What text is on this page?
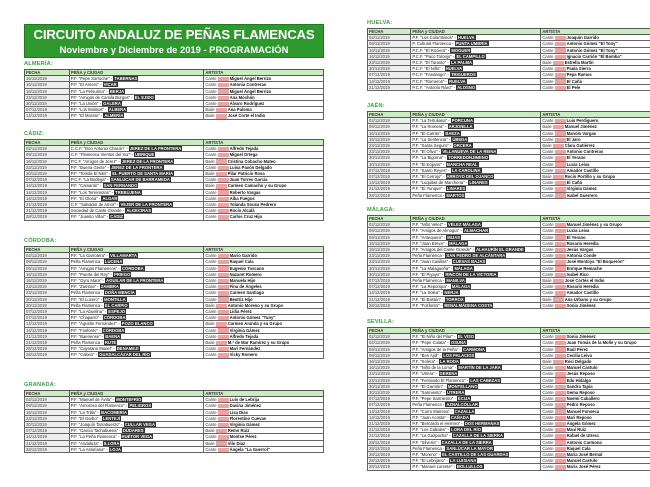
CIRCUITO ANDALUZ DE PEÑAS FLAMENCAS
Noviembre y Diciembre de 2019 - PROGRAMACIÓN
ALMERÍA:
FECHA	PEÑA y CIUDAD	ARTISTA
16/11/2019	P.F. "Pepe Sorroche" - TABERNAS	Cante Miguel Ángel Berrizo
16/11/2019	P.F. "El Arriero" - VÍCAR	Cante Antonia Contreras
16/11/2019	P.F. "La Pelourina" - BERJA	Cante Miguel Ángel Berrizo
23/11/2019	P.F. "Amigos de Camila Burgos" - EL EJIDO	Cante Ana Mochón
30/11/2019	P.F. "La Unión" - GALERA	Cante Álvaro Rodríguez
07/12/2019	P.F. "Los Molinos" - ALBERA	Baile Ana Paloma
14/12/2019	P.F. "El Morato" - ALMERÍA	Baile José Corte el Indio
CÁDIZ:
FECHA	PEÑA y CIUDAD	ARTISTA
02/11/2019	C.C.F. "Don Antonio Chacón" - JEREZ DE LA FRONTERA	Cante Alfredo Tejada
09/11/2019	C.F. "Flamenca Vientos del Sur" - UBRIQUE	Cante Miguel Ortega
16/11/2019	P.C.F. "Amigos de Jerez" - JEREZ DE LA FRONTERA	Baile Cristina Cobacho Mateo
23/11/2019	P.F. "Buena Gente" - JEREZ DE LA FRONTERA	Cante Luisa Pavón Delgado
30/11/2019	P.F. "Tomás El Nitri" - EL PUERTO DE SANTA MARÍA	Baile Pilar Patricio Rosa
07/12/2019	P.C.F. "La Bodega" - SANLÚCAR DE BARRAMEDA	Cante Juan Torres García
14/12/2019	P.F. "Camarón" - SAN FERNANDO	Baile Carmen Camacho y su Grupo
14/12/2019	P.F. "Los Terremotos" - TREBUJENA	Cante Roberto Vargas
14/12/2019	P.F. "El Gloria" - ALGAR	Cante Alba Fuegos
21/12/2019	C.F. "Salvador de Amor" - VEJER DE LA FRONTERA	Cante Yolanda Sousa Pedrero
21/12/2019	Sociedad de Cante Grande - ALGECIRAS	Cante Rocío Alcalá
28/12/2019	P.F. "Juanito Villar" - CÁDIZ	Cante Carlos Cruz Hijo
CÓRDOBA:
FECHA	PEÑA y CIUDAD	ARTISTA
02/11/2019	P.F. "La Garrotera" - VILLAMARTA	Cante Mario Garrido
09/11/2019	Peña Flamenca - LUCENA	Cante Raquel Cala
09/11/2019	P.F. "Amigos Flamencos" - CÓRDOBA	Cante Eugenio Toscano
16/11/2019	P.F. "Puerta del Rey" - PRIEGO	Cante Nazaret Romero
16/11/2019	P.F. "Gyro Mara" - AGUILAR DE LA FRONTERA	Cante Manuela Hijo
23/11/2019	P.F. "Zambra" - ZAMBRA	Cante Fina de Ángeles
23/11/2019	Peña Flamenca - DOÑA MENCÍA	Cante Carmen Santiago
30/11/2019	P.F. "El Lucero" - MONTILLA	Cante Beatriz Hijo
30/11/2019	Peña Flamenca - EL CARPIO	Baile Antonio Moreno y su Grupo
07/12/2019	P.F. "La Abuelina" - ESPEJO	Cante Lidia Pérez
07/12/2019	P.F. "Chaparro" - CÓRDOBA	Cante Antonio Gómez "Tuny"
14/12/2019	P.F. "Agustín Fernández" - POZO BLANCO	Baile Carmen Aranda y su Grupo
14/12/2019	P.F. "Fosforito" - CÓRDOBA	Cante Virginia Gámez
21/12/2019	P.F. "Baenense" - BAENA	Cante Alfredo Tejada
21/12/2019	Peña Flamenca - RUTE	Baile M.ª de Mar Ramírez y su Grupo
28/12/2019	P.F. "Cayetano Muriel" - BENAMEJÍ	Cante Mari Fernández
28/12/2019	P.F. "Calixto" - GUADALCÁZAR DEL RÍO	Cante Vicky Romero
GRANADA:
FECHA	PEÑA y CIUDAD	ARTISTA
02/11/2019	P.F. "Manuel de Ávila" - MONTEFRÍO	Cante Luis de Lebrija
09/11/2019	P.F. "Amoroso del Flamenco" - PELIGROS	Cante Davina Jiménez
16/11/2019	P.F. "La Trilla" - BACOMERIA	Cante Lisa Días
23/11/2019	P.F. "El Garbo" - LENTEJÍ	Cante Florentino Cuevas
30/11/2019	P.F. "Joaquín Tarrabuerzo" - CULLAR VEGA	Cante Virginia Gámez
07/12/2019	P.F. "García Tachabuena" - DÚDARES	Baile Remo Ruiz
14/12/2019	P.F. "La Peña Flamenca" - HUÉTOR VEGA	Cante Montse Pérez
21/12/2019	P.F. "Andaluza" - ILLORA	Baile Vilo Diaz
28/12/2019	P.F. "La Asturiana" - LOJA	Cante Ángela "La Guerrol"
HUELVA:
FECHA	PEÑA y CIUDAD	ARTISTA
02/11/2019	P.F. "Los Colombinos" - HUELVA	Cante Joaquín Garrido
09/11/2019	P. Cultural Flamenca - PUNTA UMBRÍA	Cante Antonio Gómez "El Tony"
16/11/2019	P.C.F. "El Rociero" - MOGUER	Cante Antonio Gómez "El Tony"
16/11/2019	P.C.F. "Paco Toronjo" - EL CAMPILLO	Cante Ignacio Carrión "El Bomba"
23/11/2019	P.C.F. "El Taranto" - LA PALMA	Baile Estrella Martín
30/11/2019	P.C.F. "El Niño" - HUELVA	Cante Paula Sierra
07/12/2019	P.C.F. "Fandango" - TRIGUEROS	Cante Pepa Ramos
14/12/2019	P.C.F. "Romeros" - RUELVA	Cante El Cañá
21/12/2019	P.C.F. "Antonio Ráez" - ALOSNO	Cante El Pele
JAÉN:
FECHA	PEÑA y CIUDAD	ARTISTA
02/11/2019	P.F. "La Tertuliana" - PORCUNA	Cante Luis Perdiguero
09/11/2019	P.F. "La Romera" - ARJONILLA	Baile Manuel Jiménez
16/11/2019	P.F. "El Carrito" - BAEZA	Cante Manolo Vargas
16/11/2019	P.F. "La Sentencia" - ÚBEDA	Cante El Jaro
23/11/2019	P.F. "Santa Seguro" - ORCERA	Baile Clara Gutiérrez
23/11/2019	P.F. "El Olivo" - VILLANUEVA DE LA REINA	Cante Antonio Contreras
30/11/2019	P.F. "La Bigorna" - TORREDONJIMENO	Cante El Yerano
30/11/2019	P.F. "El Ecijano" - MANCHA REAL	Cante Lucía Leiva
07/12/2019	P.F. "Santo Reyes" - LA CAROLINA	Cante Amador Castillo
07/12/2019	P.F. "El Cerrojo" - ARROYO DEL OJANCO	Baile Rocío Portillo y su Grupo
14/12/2019	P.F. "Luquitas de Marchena" - LINARES	Cante El Cañá
21/12/2019	P.F. "El Yunque" - LINARES	Cante Virginia Gámez
28/12/2019	Peña Flamenca - MARTOS	Cante Isabel Guerrero
MÁLAGA:
FECHA	PEÑA y CIUDAD	ARTISTA
02/11/2019	P.F. "Niño Velez" - VÉLEZ MÁLAGA	Cante Manuel Jiménez y su Grupo
09/11/2019	P.F. "Amigos de Almogía" - ALMACHAR	Cante Lucía Leiva
09/11/2019	P.F. "Antequera" - MIJAS	Cante El Yerano
16/11/2019	P.F. "Juan Breva" - MÁLAGA	Cante Rosario Heredia
16/11/2019	P.F. "Amigos del Cante Grande" - ALHAURÍN EL GRANDE	Cante Jesús Vargas
23/11/2019	Peña Flamenca - SAN PEDRO DE ALCÁNTARA	Cante Antonia Conde
23/11/2019	P.F. "Juan Casillas" - CUEVAS BAJAS	Cante José Montoya "El Boquerón"
30/11/2019	P.F. "La Malagueña" - MÁLAGA	Cante Enrique Remache
30/11/2019	P.F. "El Piyayo" - RINCÓN DE LA VICTORIA	Cante Isabel Rico
07/12/2019	Peña Flamenca - MANILVA	Baile José Cortés el Indio
07/12/2019	P.F. "La Repompa" - MÁLAGA	Cante Rosario Heredia
14/12/2019	P.F. "La Solea" - NERJA	Cante Amador Castillo
21/12/2019	P.F. "El Bastón" - TORROX	Baile Ana Urbano y su Grupo
28/12/2019	P.F. "Fosforito" - BENALMÁDENA COSTA	Cante Sonia Jiménez
SEVILLA:
FECHA	PEÑA y CIUDAD	ARTISTA
02/11/2019	P.F. "El Niño del Pilar" - EL VISO	Cante Sonia Jiménez
02/11/2019	P.F. "Pepe Culata" - OSUNA	Cante Juan Tomás de la Molle y su Grupo
09/11/2019	P.F. "Amigos de la Peña" - CARMONA	Cante Raúl Pérez
09/11/2019	P.F. "Ben Ajid" - LOS PALACIOS	Cante Cecilia Leiva
16/11/2019	P.F. "Solera" - LA RODA	Baile Rosi Delgado
16/11/2019	P.F. "Niño de la Loma" - MARTÍN DE LA JARA	Cante Manuel Castulo
23/11/2019	P.F. "Utrera" - GERENA	Cante Jesús Reposo
23/11/2019	P.F. "Fernando El Flamenco" - LAS CABEZAS	Cante Edu Hidalgo
30/11/2019	P.F. "El Garrotin" - MONTELLANO	Cante Sandra Tapia
30/11/2019	P.F. "Sarmiento" - UTRERA	Cante Gema Reposo
07/12/2019	P.F. "Pepe Sarmiento" - ÉCIJA	Cante Noemí Caballero
07/12/2019	Peña Flamenca - AZNALCÓLLAR	Cante Pedro Reposo
14/12/2019	P.F. "Curro Mairena" - CAZALLA	Cante Manuel Fonseca
14/12/2019	P.F. "Juan Acosta" - CAÑADA	Cante Mari Reposo
21/12/2019	P.F. "Bernardo el Herrero" - DOS HERMANAS	Cante Ángela Gómez
21/12/2019	P.F. "Los Cabales" - LORA DEL RÍO	Cante Maui Ruiz
21/12/2019	P.F. "La Gazpacha" - CAZALLA DE LA SIERRA	Cante Rafael de Utrera
28/12/2019	P.F. "Silverio" - CAZALLA DE LA SIERRA	Cante Antonio Carmona
28/12/2019	Peña Flamenca - SANLÚCAR LA MAYOR	Cante Raquel Cala
28/12/2019	P.F. "Moreno" - EL CASTILLO DE LAS GUARDAS	Cante María José Bernal
28/12/2019	P.F. "El Lebrijano" - LA LUISIANA	Cante Manuel Castulo
28/12/2019	P.F. "Manuel Lorente" - BOLLULLOS	Cante María José Pérez
